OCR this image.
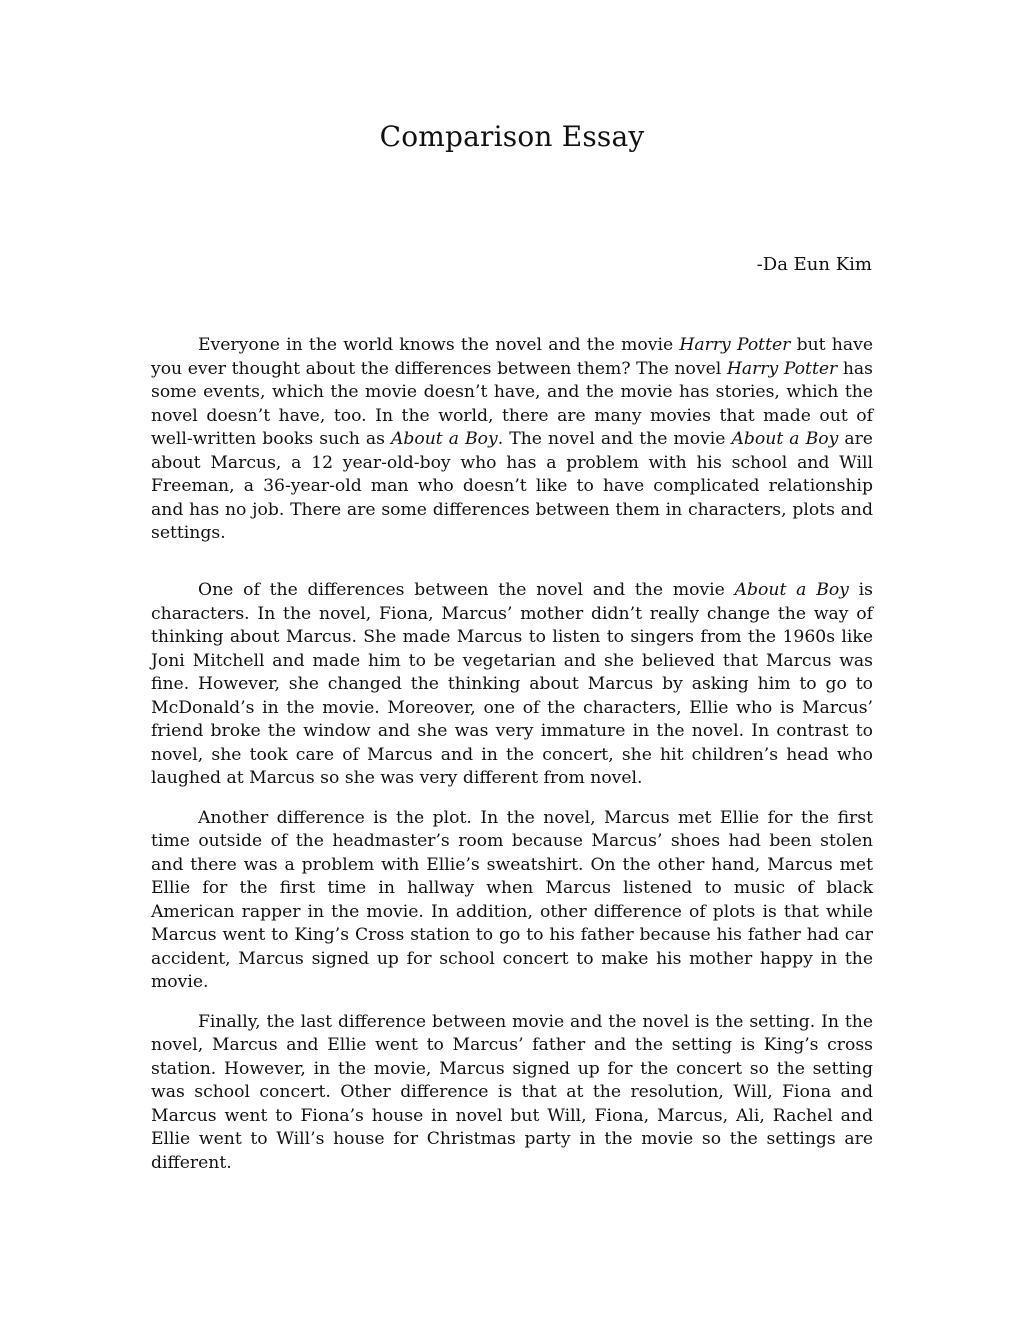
Comparison Essay

-Da Eun Kim

Everyone in the world knows the novel and the movie Harry Potter but have you ever thought about the differences between them? The novel Harry Potter has some events, which the movie doesn’t have, and the movie has stories, which the novel doesn’t have, too. In the world, there are many movies that made out of well-written books such as About a Boy. The novel and the movie About a Boy are about Marcus, a 12 year-old-boy who has a problem with his school and Will Freeman, a 36-year-old man who doesn’t like to have complicated relationship and has no job. There are some differences between them in characters, plots and settings.

One of the differences between the novel and the movie About a Boy is characters. In the novel, Fiona, Marcus’ mother didn’t really change the way of thinking about Marcus. She made Marcus to listen to singers from the 1960s like Joni Mitchell and made him to be vegetarian and she believed that Marcus was fine. However, she changed the thinking about Marcus by asking him to go to McDonald’s in the movie. Moreover, one of the characters, Ellie who is Marcus’ friend broke the window and she was very immature in the novel. In contrast to novel, she took care of Marcus and in the concert, she hit children’s head who laughed at Marcus so she was very different from novel.

Another difference is the plot. In the novel, Marcus met Ellie for the first time outside of the headmaster’s room because Marcus’ shoes had been stolen and there was a problem with Ellie’s sweatshirt. On the other hand, Marcus met Ellie for the first time in hallway when Marcus listened to music of black American rapper in the movie. In addition, other difference of plots is that while Marcus went to King’s Cross station to go to his father because his father had car accident, Marcus signed up for school concert to make his mother happy in the movie.

Finally, the last difference between movie and the novel is the setting. In the novel, Marcus and Ellie went to Marcus’ father and the setting is King’s cross station. However, in the movie, Marcus signed up for the concert so the setting was school concert. Other difference is that at the resolution, Will, Fiona and Marcus went to Fiona’s house in novel but Will, Fiona, Marcus, Ali, Rachel and Ellie went to Will’s house for Christmas party in the movie so the settings are different.
